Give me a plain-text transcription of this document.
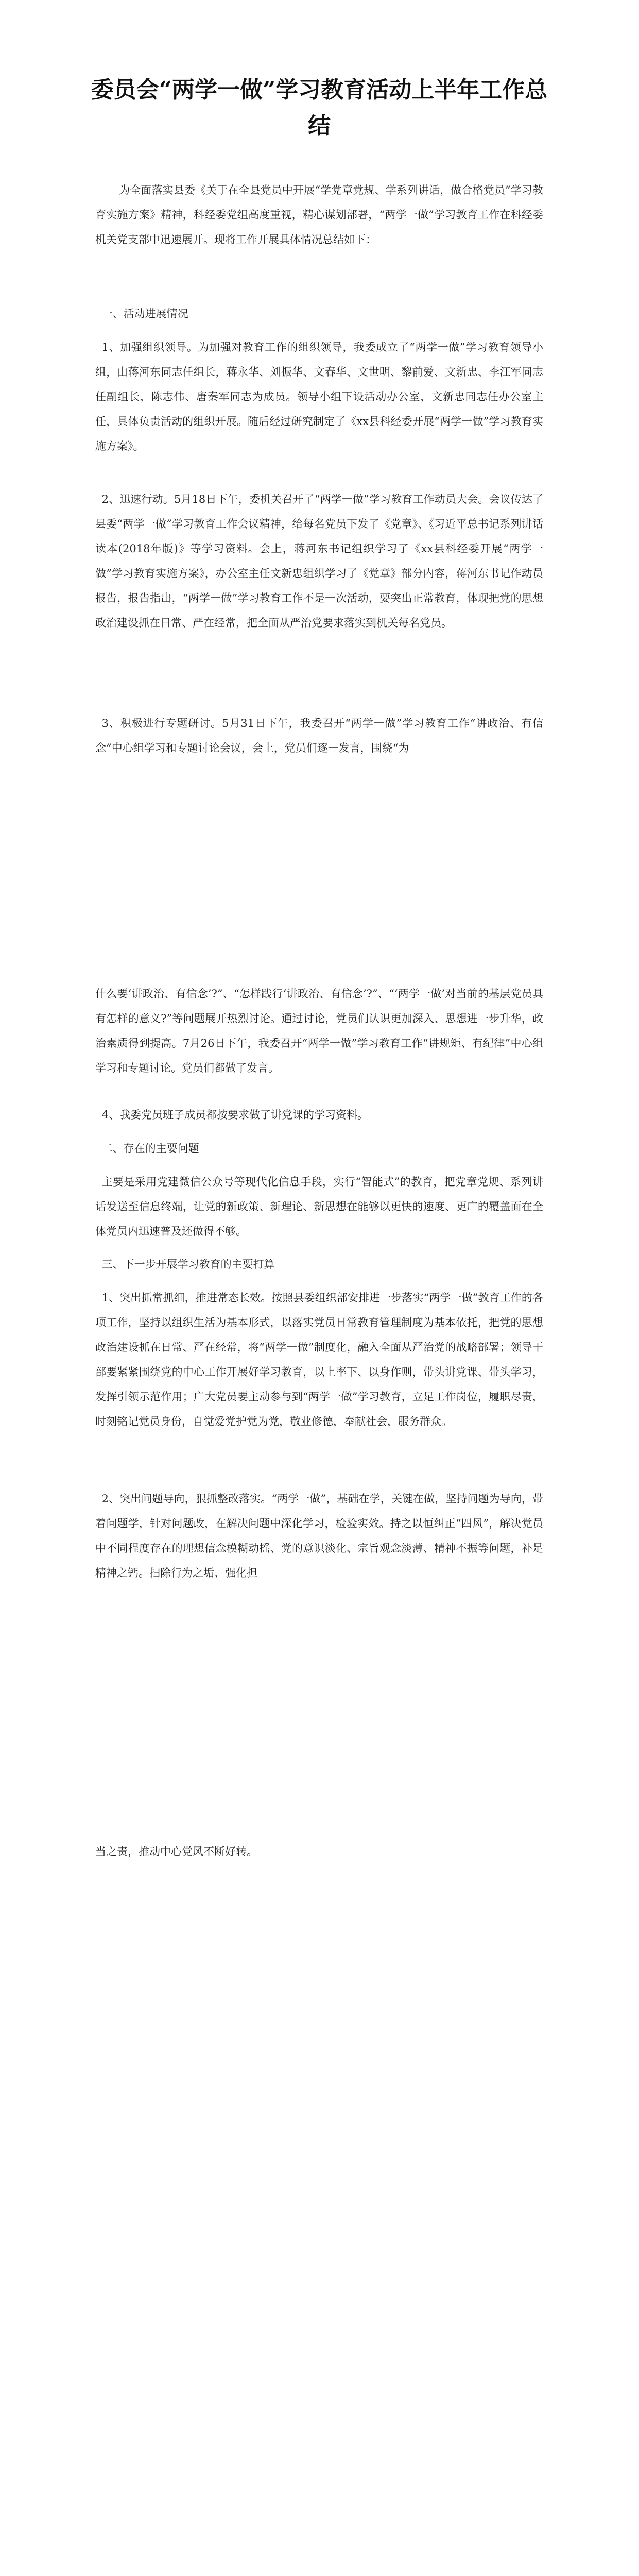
委员会“两学一做”学习教育活动上半年工作总结

为全面落实县委《关于在全县党员中开展“学党章党规、学系列讲话，做合格党员”学习教育实施方案》精神，科经委党组高度重视，精心谋划部署，“两学一做”学习教育工作在科经委机关党支部中迅速展开。现将工作开展具体情况总结如下：

一、活动进展情况

1、加强组织领导。为加强对教育工作的组织领导，我委成立了“两学一做”学习教育领导小组，由蒋河东同志任组长，蒋永华、刘振华、文春华、文世明、黎前爱、文新忠、李江军同志任副组长，陈志伟、唐秦军同志为成员。领导小组下设活动办公室，文新忠同志任办公室主任，具体负责活动的组织开展。随后经过研究制定了《xx县科经委开展“两学一做”学习教育实施方案》。

2、迅速行动。5月18日下午，委机关召开了“两学一做”学习教育工作动员大会。会议传达了县委“两学一做”学习教育工作会议精神，给每名党员下发了《党章》、《习近平总书记系列讲话读本(2018年版)》等学习资料。会上，蒋河东书记组织学习了《xx县科经委开展“两学一做”学习教育实施方案》，办公室主任文新忠组织学习了《党章》部分内容，蒋河东书记作动员报告，报告指出，“两学一做”学习教育工作不是一次活动，要突出正常教育，体现把党的思想政治建设抓在日常、严在经常，把全面从严治党要求落实到机关每名党员。

3、积极进行专题研讨。5月31日下午，我委召开“两学一做”学习教育工作“讲政治、有信念”中心组学习和专题讨论会议，会上，党员们逐一发言，围绕“为

什么要‘讲政治、有信念’?”、“怎样践行‘讲政治、有信念’?”、“‘两学一做’对当前的基层党员具有怎样的意义?”等问题展开热烈讨论。通过讨论，党员们认识更加深入、思想进一步升华，政治素质得到提高。7月26日下午，我委召开“两学一做”学习教育工作“讲规矩、有纪律”中心组学习和专题讨论。党员们都做了发言。

4、我委党员班子成员都按要求做了讲党课的学习资料。

二、存在的主要问题

主要是采用党建微信公众号等现代化信息手段，实行“智能式”的教育，把党章党规、系列讲话发送至信息终端，让党的新政策、新理论、新思想在能够以更快的速度、更广的覆盖面在全体党员内迅速普及还做得不够。

三、下一步开展学习教育的主要打算

1、突出抓常抓细，推进常态长效。按照县委组织部安排进一步落实“两学一做”教育工作的各项工作，坚持以组织生活为基本形式，以落实党员日常教育管理制度为基本依托，把党的思想政治建设抓在日常、严在经常，将“两学一做”制度化，融入全面从严治党的战略部署；领导干部要紧紧围绕党的中心工作开展好学习教育，以上率下、以身作则，带头讲党课、带头学习，发挥引领示范作用；广大党员要主动参与到“两学一做”学习教育，立足工作岗位，履职尽责，时刻铭记党员身份，自觉爱党护党为党，敬业修德，奉献社会，服务群众。

2、突出问题导向，狠抓整改落实。“两学一做”，基础在学，关键在做，坚持问题为导向，带着问题学，针对问题改，在解决问题中深化学习，检验实效。持之以恒纠正“四风”，解决党员中不同程度存在的理想信念模糊动摇、党的意识淡化、宗旨观念淡薄、精神不振等问题，补足精神之钙。扫除行为之垢、强化担

当之责，推动中心党风不断好转。
